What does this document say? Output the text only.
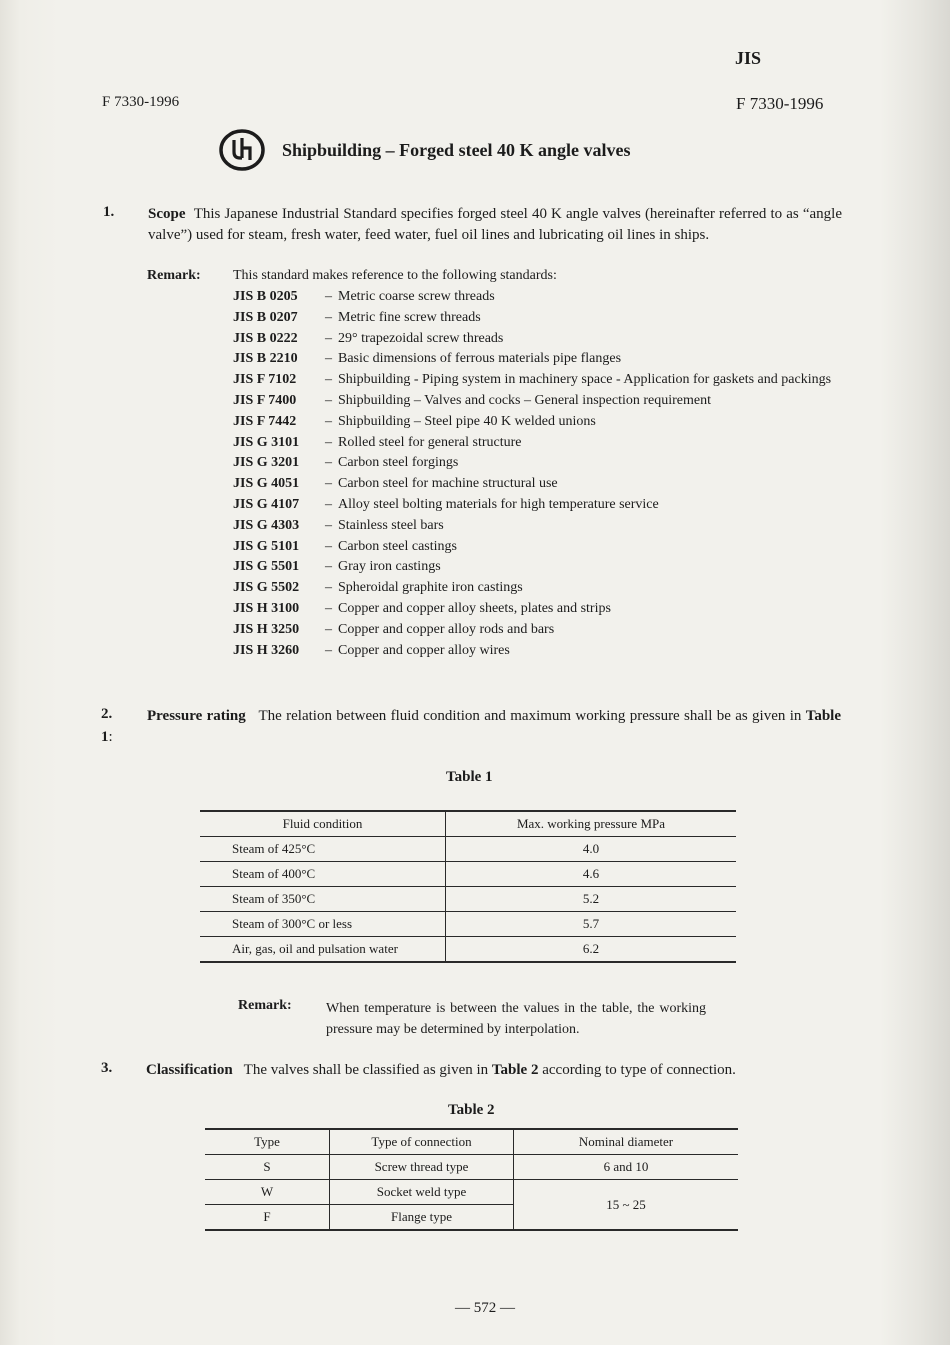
JIS
F 7330-1996	F 7330-1996
Shipbuilding – Forged steel 40 K angle valves
1. Scope This Japanese Industrial Standard specifies forged steel 40 K angle valves (hereinafter referred to as “angle valve”) used for steam, fresh water, feed water, fuel oil lines and lubricating oil lines in ships.
Remark: This standard makes reference to the following standards:
JIS B 0205	– Metric coarse screw threads
JIS B 0207	– Metric fine screw threads
JIS B 0222	– 29° trapezoidal screw threads
JIS B 2210	– Basic dimensions of ferrous materials pipe flanges
JIS F 7102	– Shipbuilding - Piping system in machinery space - Application for gaskets and packings
JIS F 7400	– Shipbuilding – Valves and cocks – General inspection requirement
JIS F 7442	– Shipbuilding – Steel pipe 40 K welded unions
JIS G 3101	– Rolled steel for general structure
JIS G 3201	– Carbon steel forgings
JIS G 4051	– Carbon steel for machine structural use
JIS G 4107	– Alloy steel bolting materials for high temperature service
JIS G 4303	– Stainless steel bars
JIS G 5101	– Carbon steel castings
JIS G 5501	– Gray iron castings
JIS G 5502	– Spheroidal graphite iron castings
JIS H 3100	– Copper and copper alloy sheets, plates and strips
JIS H 3250	– Copper and copper alloy rods and bars
JIS H 3260	– Copper and copper alloy wires
2.	Pressure rating The relation between fluid condition and maximum working pressure shall be as given in Table 1:
Table 1
Fluid condition	Max. working pressure MPa
Steam of 425°C	4.0
Steam of 400°C	4.6
Steam of 350°C	5.2
Steam of 300°C or less	5.7
Air, gas, oil and pulsation water	6.2
Remark: When temperature is between the values in the table, the working pressure may be determined by interpolation.
3. Classification The valves shall be classified as given in Table 2 according to type of connection.
Table 2
Type	Type of connection	Nominal diameter
S	Screw thread type	6 and 10
W	Socket weld type	15 ~ 25
F	Flange type	
— 572 —
